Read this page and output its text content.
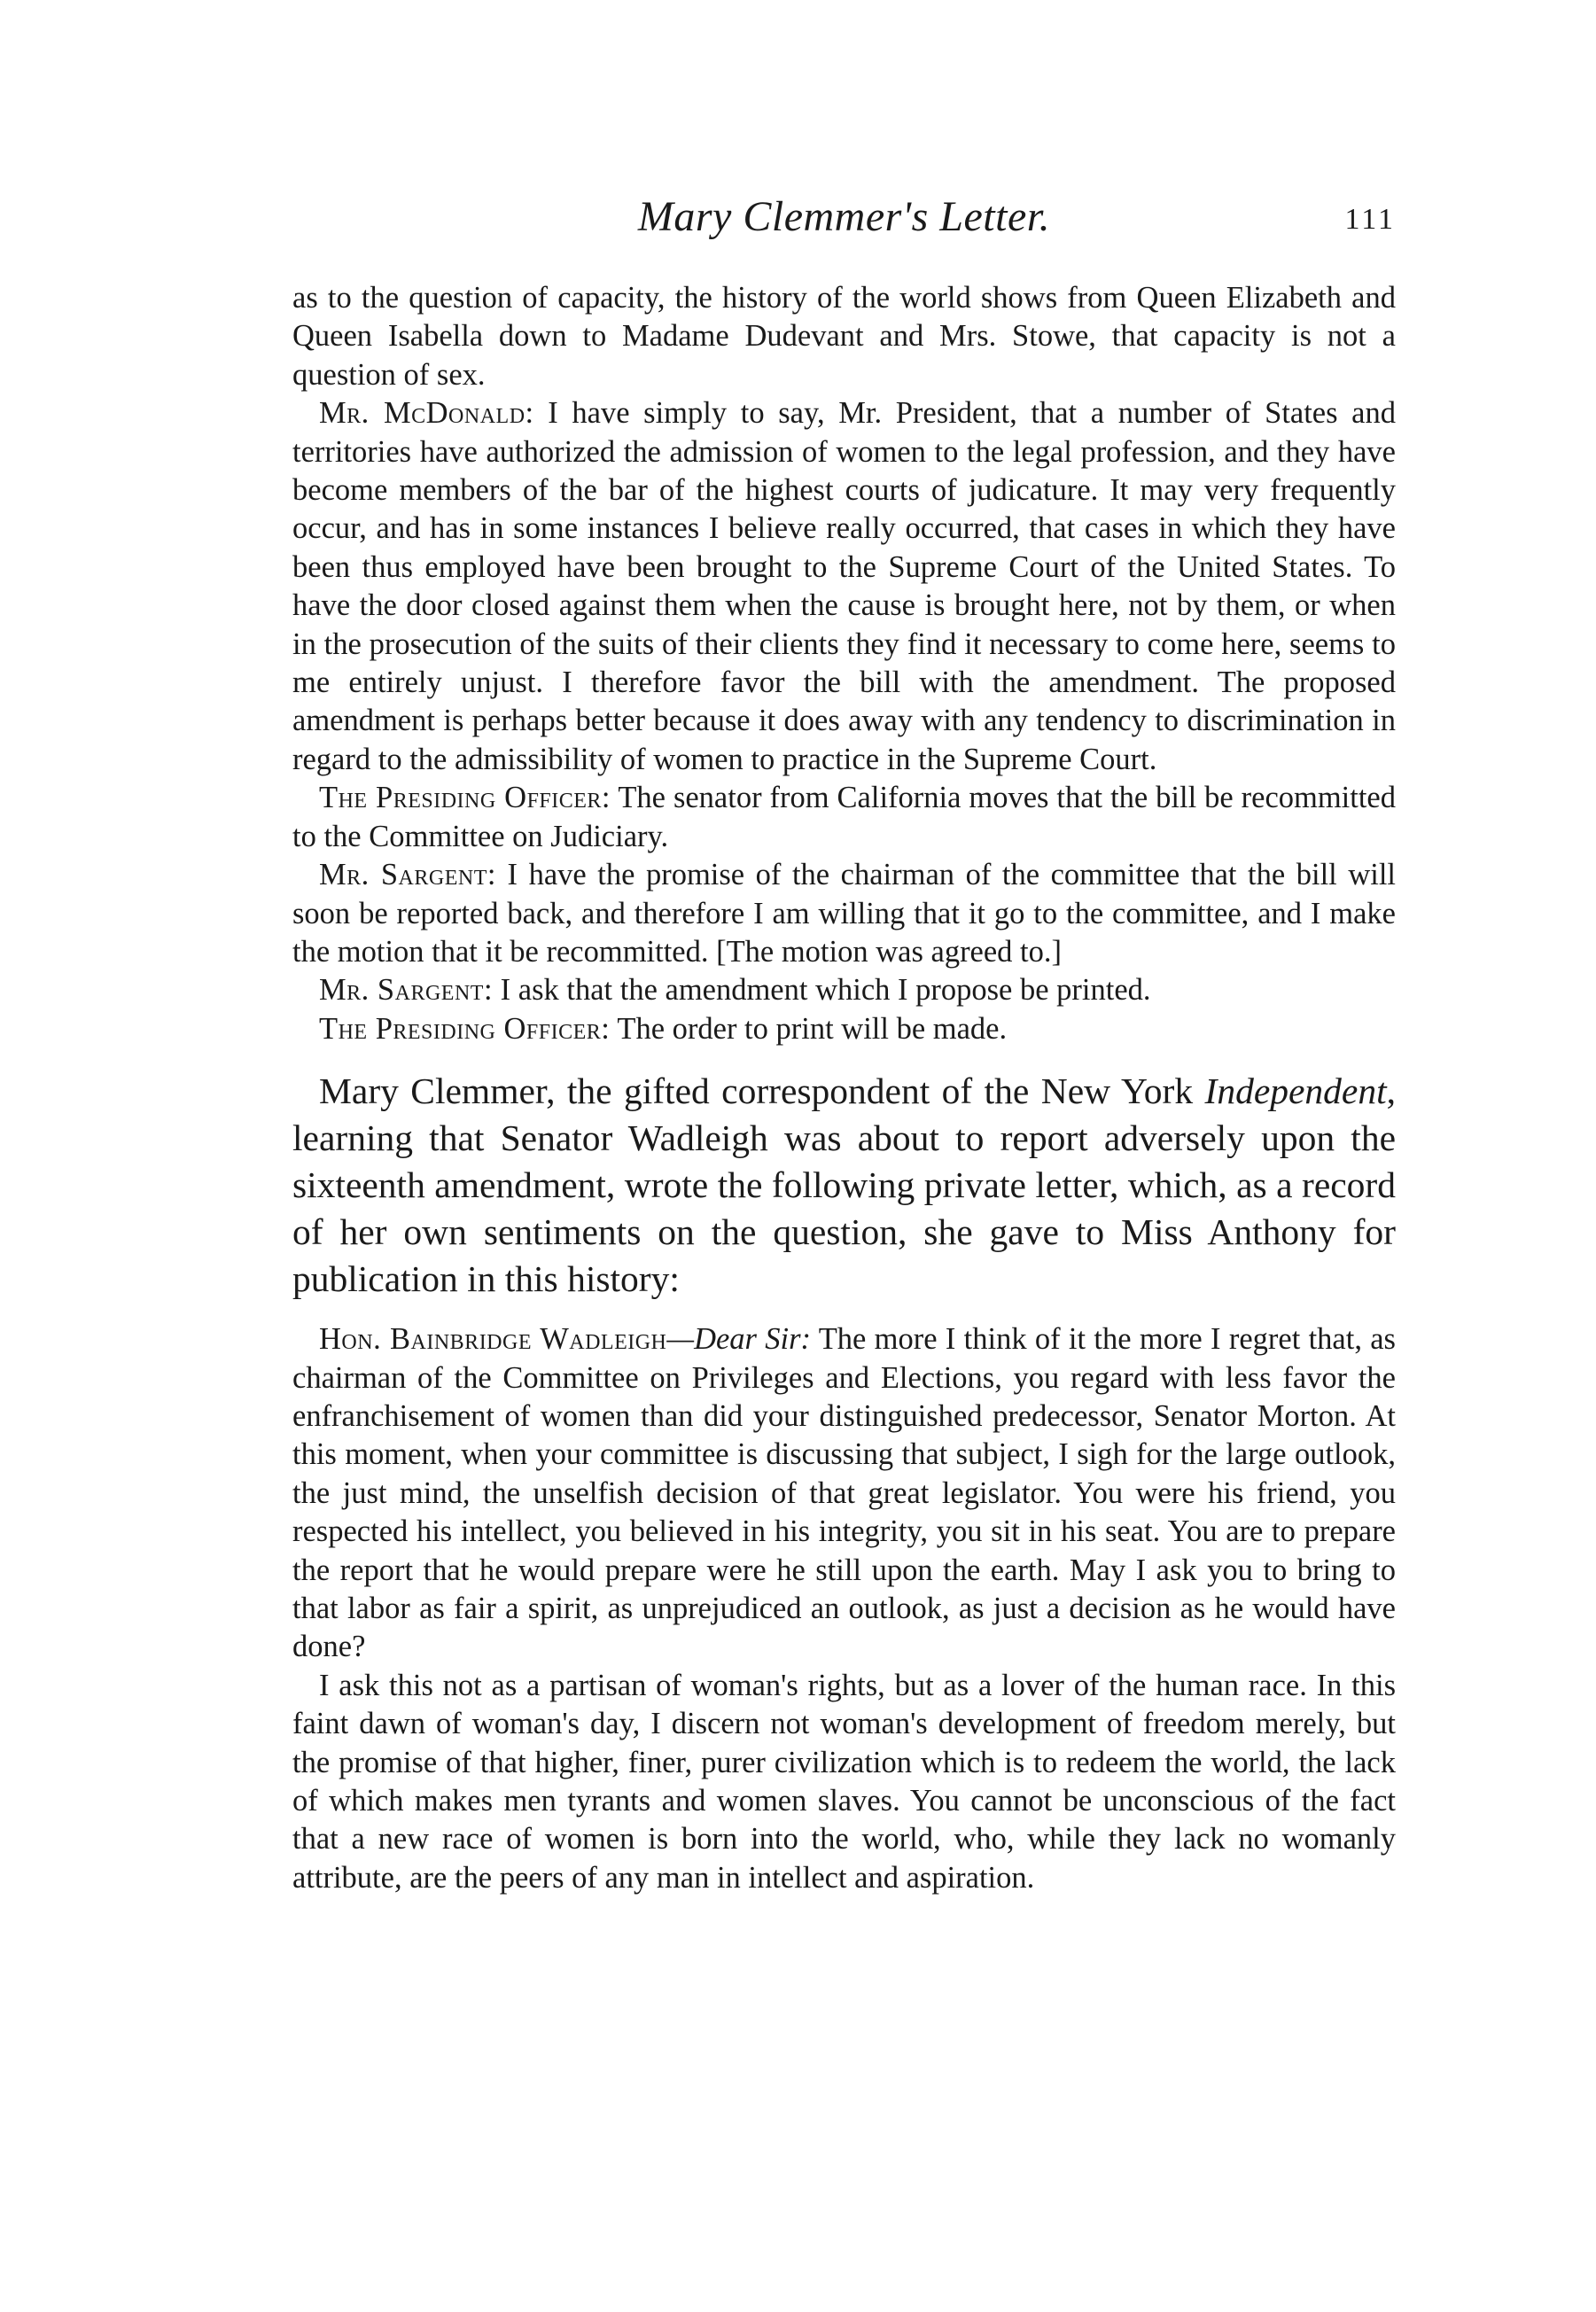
Mary Clemmer's Letter.	111

as to the question of capacity, the history of the world shows from Queen Elizabeth and Queen Isabella down to Madame Dudevant and Mrs. Stowe, that capacity is not a question of sex.

Mr. McDonald: I have simply to say, Mr. President, that a number of States and territories have authorized the admission of women to the legal profession, and they have become members of the bar of the highest courts of judicature. It may very frequently occur, and has in some instances I believe really occurred, that cases in which they have been thus employed have been brought to the Supreme Court of the United States. To have the door closed against them when the cause is brought here, not by them, or when in the prosecution of the suits of their clients they find it necessary to come here, seems to me entirely unjust. I therefore favor the bill with the amendment. The proposed amendment is perhaps better because it does away with any tendency to discrimination in regard to the admissibility of women to practice in the Supreme Court.

The Presiding Officer: The senator from California moves that the bill be recommitted to the Committee on Judiciary.

Mr. Sargent: I have the promise of the chairman of the committee that the bill will soon be reported back, and therefore I am willing that it go to the committee, and I make the motion that it be recommitted. [The motion was agreed to.]

Mr. Sargent: I ask that the amendment which I propose be printed.

The Presiding Officer: The order to print will be made.

Mary Clemmer, the gifted correspondent of the New York Independent, learning that Senator Wadleigh was about to report adversely upon the sixteenth amendment, wrote the following private letter, which, as a record of her own sentiments on the question, she gave to Miss Anthony for publication in this history:

Hon. Bainbridge Wadleigh—Dear Sir: The more I think of it the more I regret that, as chairman of the Committee on Privileges and Elections, you regard with less favor the enfranchisement of women than did your distinguished predecessor, Senator Morton. At this moment, when your committee is discussing that subject, I sigh for the large outlook, the just mind, the unselfish decision of that great legislator. You were his friend, you respected his intellect, you believed in his integrity, you sit in his seat. You are to prepare the report that he would prepare were he still upon the earth. May I ask you to bring to that labor as fair a spirit, as unprejudiced an outlook, as just a decision as he would have done?

I ask this not as a partisan of woman's rights, but as a lover of the human race. In this faint dawn of woman's day, I discern not woman's development of freedom merely, but the promise of that higher, finer, purer civilization which is to redeem the world, the lack of which makes men tyrants and women slaves. You cannot be unconscious of the fact that a new race of women is born into the world, who, while they lack no womanly attribute, are the peers of any man in intellect and aspiration.
